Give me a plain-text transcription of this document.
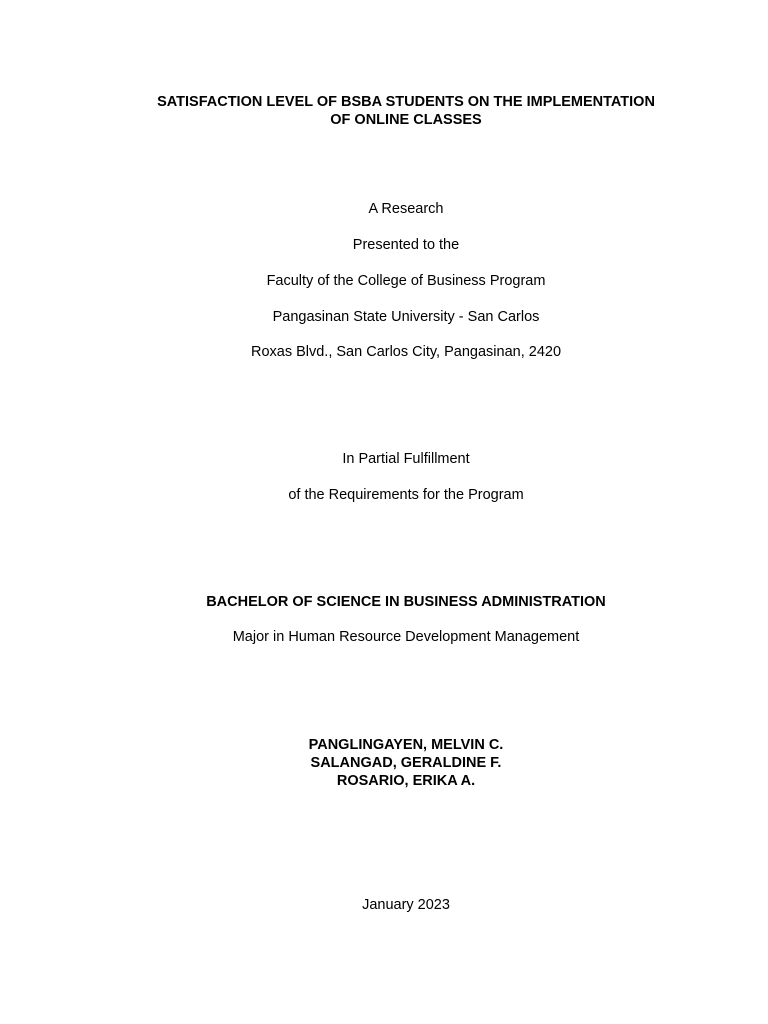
SATISFACTION LEVEL OF BSBA STUDENTS ON THE IMPLEMENTATION
OF ONLINE CLASSES
A Research
Presented to the
Faculty of the College of Business Program
Pangasinan State University - San Carlos
Roxas Blvd., San Carlos City, Pangasinan, 2420
In Partial Fulfillment
of the Requirements for the Program
BACHELOR OF SCIENCE IN BUSINESS ADMINISTRATION
Major in Human Resource Development Management
PANGLINGAYEN, MELVIN C.
SALANGAD, GERALDINE F.
ROSARIO, ERIKA A.
January 2023
